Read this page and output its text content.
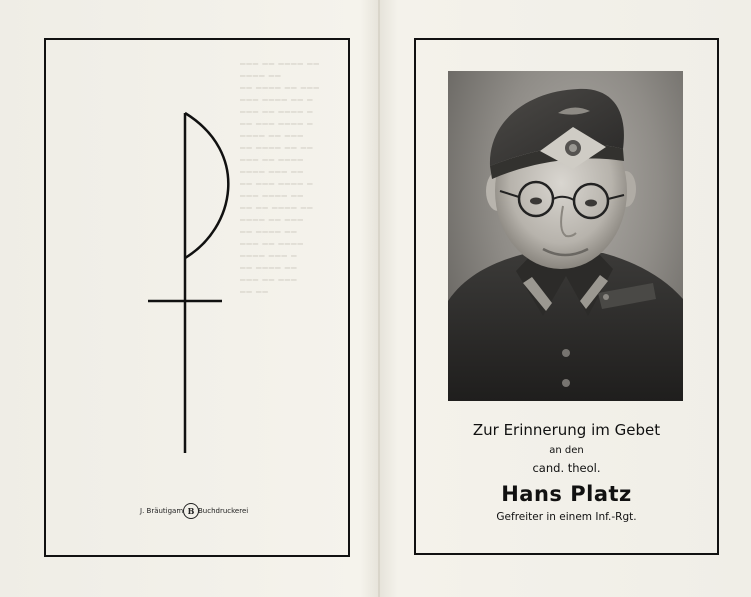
▔▔▔ ▔▔ ▔▔▔▔ ▔▔
▔▔▔▔ ▔▔
▔▔ ▔▔▔▔ ▔▔ ▔▔▔
▔▔▔ ▔▔▔▔ ▔▔ ▔
▔▔▔ ▔▔ ▔▔▔▔ ▔
▔▔ ▔▔▔ ▔▔▔▔ ▔
▔▔▔▔ ▔▔ ▔▔▔
▔▔ ▔▔▔▔ ▔▔ ▔▔
▔▔▔ ▔▔ ▔▔▔▔
▔▔▔▔ ▔▔▔ ▔▔
▔▔ ▔▔▔ ▔▔▔▔ ▔
▔▔▔ ▔▔▔▔ ▔▔
▔▔ ▔▔ ▔▔▔▔ ▔▔
▔▔▔▔ ▔▔ ▔▔▔
▔▔ ▔▔▔▔ ▔▔
▔▔▔ ▔▔ ▔▔▔▔
▔▔▔▔ ▔▔▔ ▔
▔▔ ▔▔▔▔ ▔▔
▔▔▔ ▔▔ ▔▔▔
▔▔ ▔▔
J. Bräutigam B Buchdruckerei
Zur Erinnerung im Gebet
an den
cand. theol.
Hans Platz
Gefreiter in einem Inf.-Rgt.
